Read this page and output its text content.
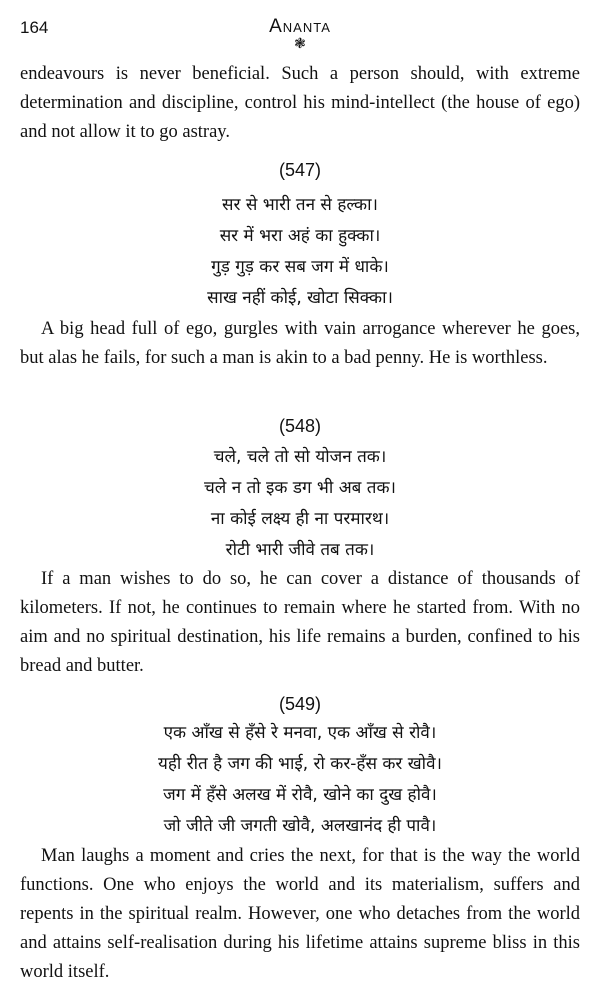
164	Ananta
❃

endeavours is never beneficial. Such a person should, with extreme determination and discipline, control his mind-intellect (the house of ego) and not allow it to go astray.

(547)
सर से भारी तन से हल्का।
सर में भरा अहं का हुक्का।
गुड़ गुड़ कर सब जग में धाके।
साख नहीं कोई, खोटा सिक्का।

A big head full of ego, gurgles with vain arrogance wherever he goes, but alas he fails, for such a man is akin to a bad penny. He is worthless.

(548)
चले, चले तो सो योजन तक।
चले न तो इक डग भी अब तक।
ना कोई लक्ष्य ही ना परमारथ।
रोटी भारी जीवे तब तक।

If a man wishes to do so, he can cover a distance of thousands of kilometers. If not, he continues to remain where he started from. With no aim and no spiritual destination, his life remains a burden, confined to his bread and butter.

(549)
एक आँख से हँसे रे मनवा, एक आँख से रोवै।
यही रीत है जग की भाई, रो कर-हँस कर खोवै।
जग में हँसे अलख में रोवै, खोने का दुख होवै।
जो जीते जी जगती खोवै, अलखानंद ही पावै।

Man laughs a moment and cries the next, for that is the way the world functions. One who enjoys the world and its materialism, suffers and repents in the spiritual realm. However, one who detaches from the world and attains self-realisation during his lifetime attains supreme bliss in this world itself.
